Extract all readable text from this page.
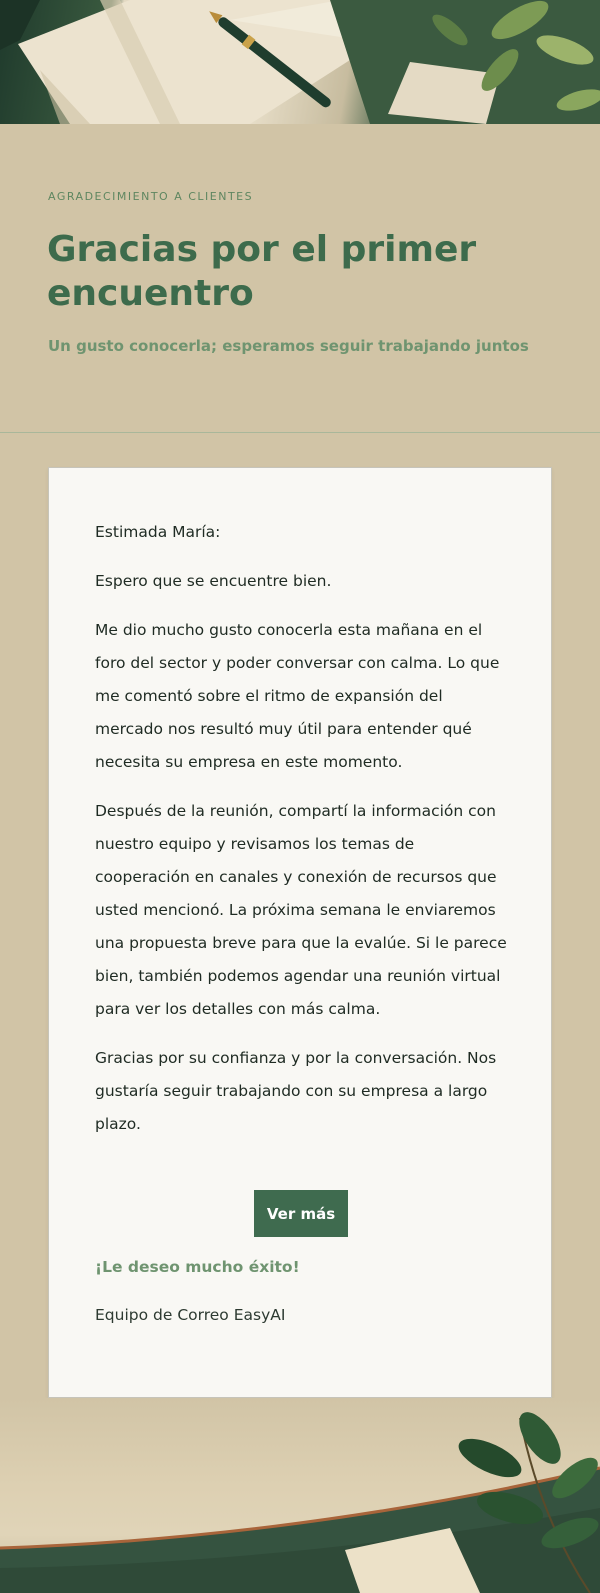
AGRADECIMIENTO A CLIENTES
Gracias por el primer encuentro
Un gusto conocerla; esperamos seguir trabajando juntos

Estimada María:

Espero que se encuentre bien.

Me dio mucho gusto conocerla esta mañana en el foro del sector y poder conversar con calma. Lo que me comentó sobre el ritmo de expansión del mercado nos resultó muy útil para entender qué necesita su empresa en este momento.

Después de la reunión, compartí la información con nuestro equipo y revisamos los temas de cooperación en canales y conexión de recursos que usted mencionó. La próxima semana le enviaremos una propuesta breve para que la evalúe. Si le parece bien, también podemos agendar una reunión virtual para ver los detalles con más calma.

Gracias por su confianza y por la conversación. Nos gustaría seguir trabajando con su empresa a largo plazo.

Ver más
¡Le deseo mucho éxito!
Equipo de Correo EasyAI
